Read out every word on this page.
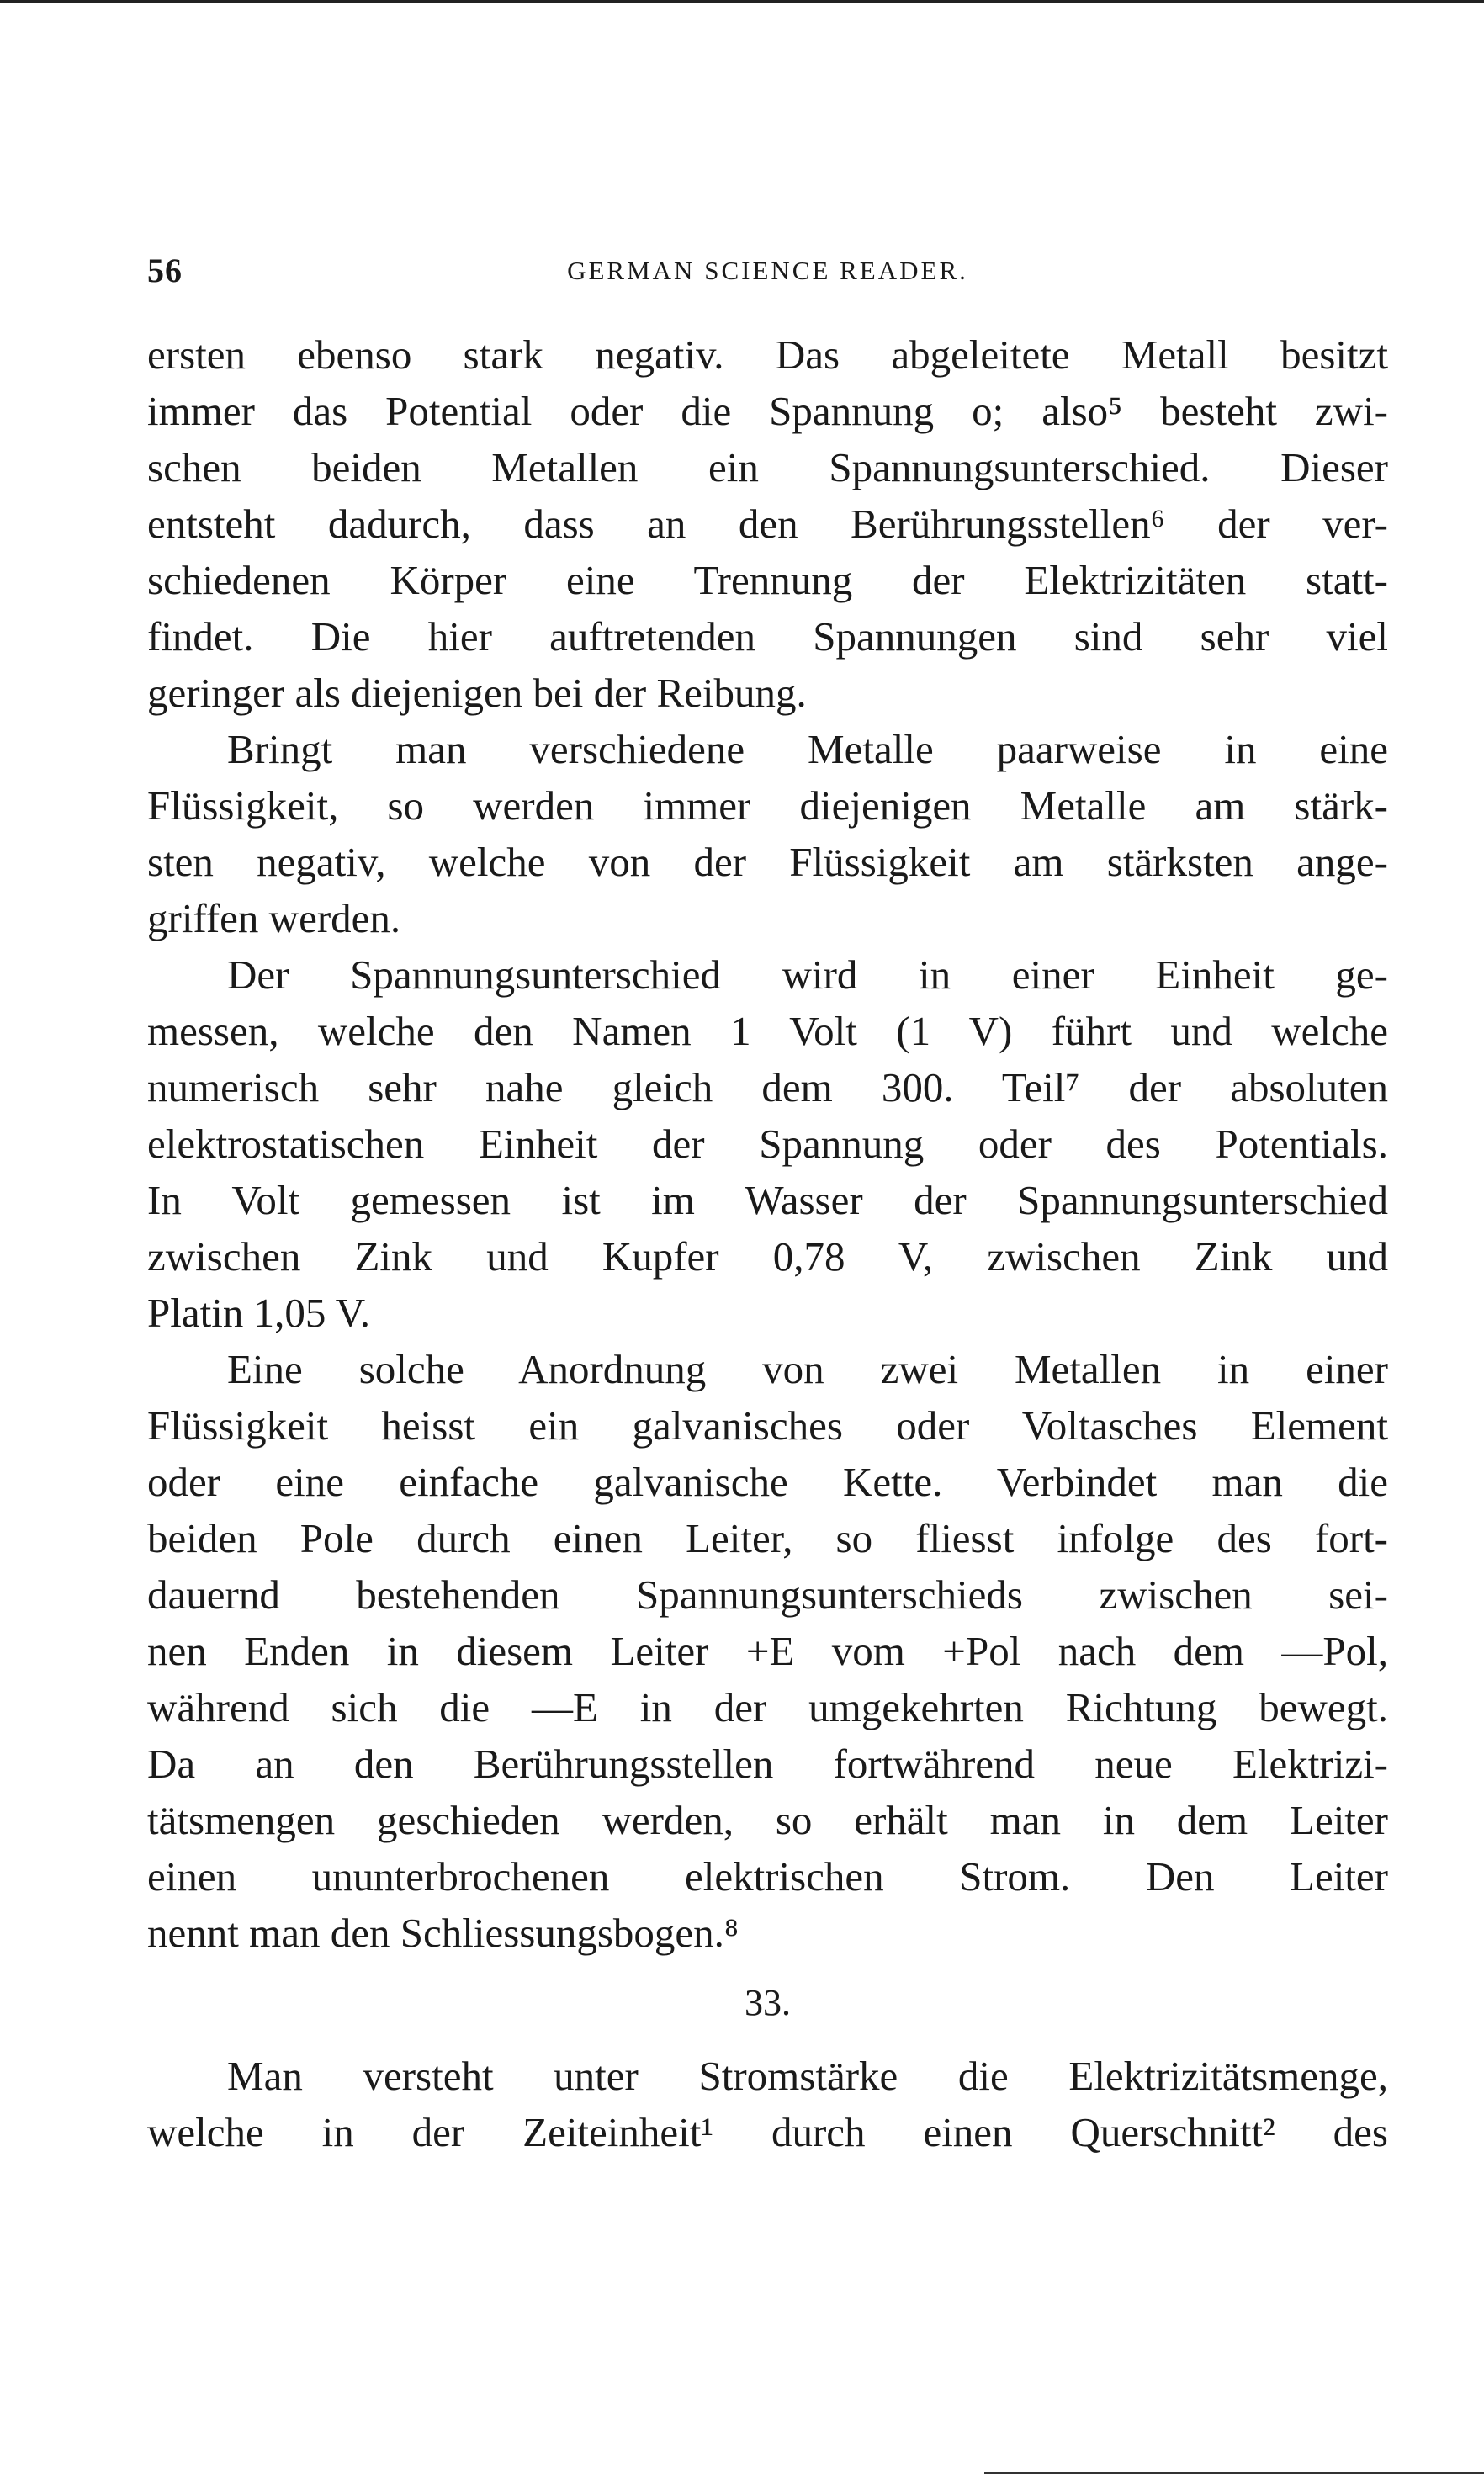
56	GERMAN SCIENCE READER.
ersten ebenso stark negativ. Das abgeleitete Metall besitzt
immer das Potential oder die Spannung o; also⁵ besteht zwi-
schen beiden Metallen ein Spannungsunterschied. Dieser
entsteht dadurch, dass an den Berührungsstellen⁶ der ver-
schiedenen Körper eine Trennung der Elektrizitäten statt-
findet. Die hier auftretenden Spannungen sind sehr viel
geringer als diejenigen bei der Reibung.
Bringt man verschiedene Metalle paarweise in eine
Flüssigkeit, so werden immer diejenigen Metalle am stärk-
sten negativ, welche von der Flüssigkeit am stärksten ange-
griffen werden.
Der Spannungsunterschied wird in einer Einheit ge-
messen, welche den Namen 1 Volt (1 V) führt und welche
numerisch sehr nahe gleich dem 300. Teil⁷ der absoluten
elektrostatischen Einheit der Spannung oder des Potentials.
In Volt gemessen ist im Wasser der Spannungsunterschied
zwischen Zink und Kupfer 0,78 V, zwischen Zink und
Platin 1,05 V.
Eine solche Anordnung von zwei Metallen in einer
Flüssigkeit heisst ein galvanisches oder Voltasches Element
oder eine einfache galvanische Kette. Verbindet man die
beiden Pole durch einen Leiter, so fliesst infolge des fort-
dauernd bestehenden Spannungsunterschieds zwischen sei-
nen Enden in diesem Leiter +E vom +Pol nach dem —Pol,
während sich die —E in der umgekehrten Richtung bewegt.
Da an den Berührungsstellen fortwährend neue Elektrizi-
tätsmengen geschieden werden, so erhält man in dem Leiter
einen ununterbrochenen elektrischen Strom. Den Leiter
nennt man den Schliessungsbogen.⁸
33.
Man versteht unter Stromstärke die Elektrizitätsmenge,
welche in der Zeiteinheit¹ durch einen Querschnitt² des
